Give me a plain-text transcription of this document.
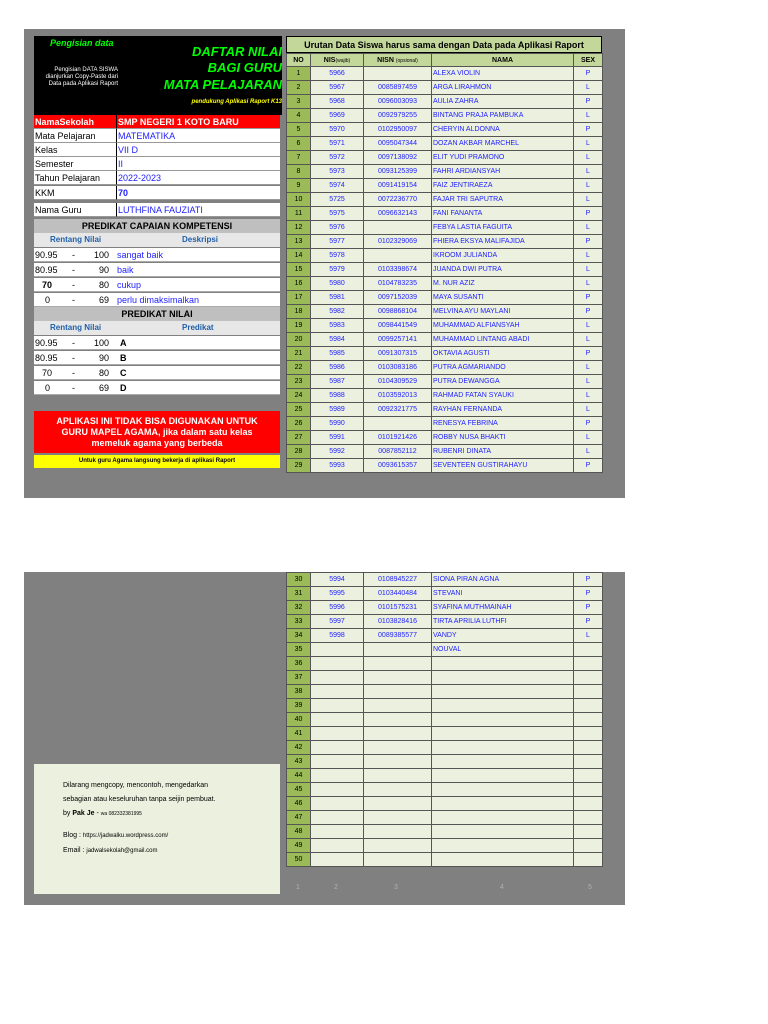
Pengisian data
Pengisian DATA SISWA dianjurkan Copy-Paste dari Data pada Aplikasi Raport
DAFTAR NILAI
BAGI GURU
MATA PELAJARAN
pendukung Aplikasi Raport K13
NamaSekolah	SMP NEGERI 1 KOTO BARU
Mata Pelajaran	MATEMATIKA
Kelas	VII D
Semester	II
Tahun Pelajaran	2022-2023
KKM	70
Nama Guru	LUTHFINA FAUZIATI
PREDIKAT CAPAIAN KOMPETENSI
Rentang Nilai	Deskripsi
90.95 - 100 sangat baik
80.95 -	90 baik
70 -	80 cukup
0 -	69 perlu dimaksimalkan
PREDIKAT NILAI
Rentang Nilai	Predikat
90.95 - 100 A
80.95 -	90 B
70 -	80 C
0 -	69 D
APLIKASI INI TIDAK BISA DIGUNAKAN UNTUK
GURU MAPEL AGAMA, jika dalam satu kelas
memeluk agama yang berbeda
Untuk guru Agama langsung bekerja di aplikasi Raport
Urutan Data Siswa harus sama dengan Data pada Aplikasi Raport
NO	NIS(wajib)	NISN (opsional)	NAMA	SEX
1	5966		ALEXA VIOLIN	P
2	5967	0085897459	ARGA LIRAHMON	L
3	5968	0096003093	AULIA ZAHRA	P
4	5969	0092979255	BINTANG PRAJA PAMBUKA	L
5	5970	0102950097	CHERYIN ALDONNA	P
6	5971	0095047344	DOZAN AKBAR MARCHEL	L
7	5972	0097138092	ELIT YUDI PRAMONO	L
8	5973	0093125399	FAHRI ARDIANSYAH	L
9	5974	0091419154	FAIZ JENTIRAEZA	L
10	5725	0072236770	FAJAR TRI SAPUTRA	L
11	5975	0096632143	FANI FANANTA	P
12	5976		FEBYA LASTIA FAGUITA	L
13	5977	0102329069	FHIERA EKSYA MALIFAJIDA	P
14	5978		IKROOM JULIANDA	L
15	5979	0103398674	JUANDA DWI PUTRA	L
16	5980	0104783235	M. NUR AZIZ	L
17	5981	0097152039	MAYA SUSANTI	P
18	5982	0098868104	MELVINA AYU MAYLANI	P
19	5983	0098441549	MUHAMMAD ALFIANSYAH	L
20	5984	0099257141	MUHAMMAD LINTANG ABADI	L
21	5985	0091307315	OKTAVIA AGUSTI	P
22	5986	0103083186	PUTRA AGMARIANDO	L
23	5987	0104309529	PUTRA DEWANGGA	L
24	5988	0103592013	RAHMAD FATAN SYAUKI	L
25	5989	0092321775	RAYHAN FERNANDA	L
26	5990		RENESYA FEBRINA	P
27	5991	0101921426	ROBBY NUSA BHAKTI	L
28	5992	0087852112	RUBENRI DINATA	L
29	5993	0093615357	SEVENTEEN GUSTIRAHAYU	P
30	5994	0108945227	SIONA PIRAN AGNA	P
31	5995	0103440484	STEVANI	P
32	5996	0101575231	SYAFINA MUTHMAINAH	P
33	5997	0103828416	TIRTA APRILIA LUTHFI	P
34	5998	0089385577	VANDY	L
35			NOUVAL	
36				
37				
38				
39				
40				
41				
42				
43				
44				
45				
46				
47				
48				
49				
50				
1	2	3	4	5
Dilarang mengcopy, mencontoh, mengedarkan
sebagian atau keseluruhan tanpa seijin pembuat.
by Pak Je - wa 082332381995
Blog : https://jadwalku.wordpress.com/
Email : jadwalsekolah@gmail.com
